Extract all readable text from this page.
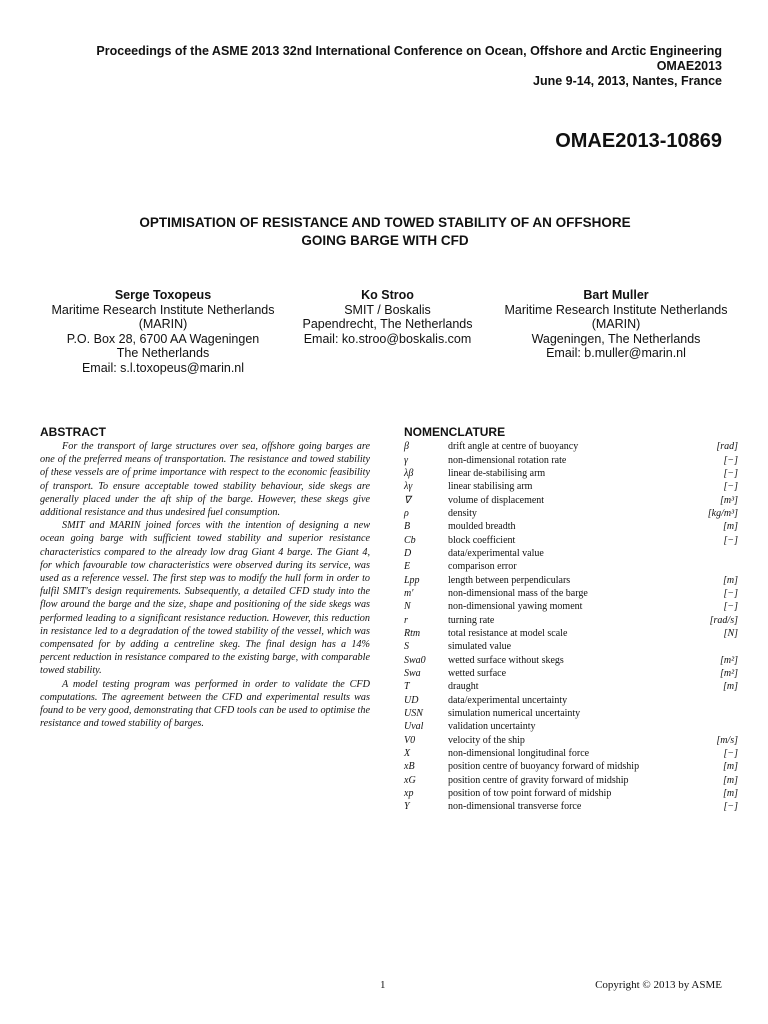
Proceedings of the ASME 2013 32nd International Conference on Ocean, Offshore and Arctic Engineering
OMAE2013
June 9-14, 2013, Nantes, France
OMAE2013-10869
OPTIMISATION OF RESISTANCE AND TOWED STABILITY OF AN OFFSHORE
GOING BARGE WITH CFD
Serge Toxopeus
Maritime Research Institute Netherlands
(MARIN)
P.O. Box 28, 6700 AA Wageningen
The Netherlands
Email: s.l.toxopeus@marin.nl
Ko Stroo
SMIT / Boskalis
Papendrecht, The Netherlands
Email: ko.stroo@boskalis.com
Bart Muller
Maritime Research Institute Netherlands
(MARIN)
Wageningen, The Netherlands
Email: b.muller@marin.nl
ABSTRACT

For the transport of large structures over sea, offshore going barges are one of the preferred means of transportation. The resistance and towed stability of these vessels are of prime importance with respect to the economic feasibility of transport. To ensure acceptable towed stability behaviour, side skegs are generally placed under the aft ship of the barge. However, these skegs give additional resistance and thus undesired fuel consumption.

SMIT and MARIN joined forces with the intention of designing a new ocean going barge with sufficient towed stability and superior resistance characteristics compared to the already low drag Giant 4 barge. The Giant 4, for which favourable tow characteristics were observed during its service, was used as a reference vessel. The first step was to modify the hull form in order to fulfil SMIT's design requirements. Subsequently, a detailed CFD study into the flow around the barge and the size, shape and positioning of the side skegs was performed leading to a significant resistance reduction. However, this reduction in resistance led to a degradation of the towed stability of the vessel, which was compensated for by adding a centreline skeg. The final design has a 14% percent reduction in resistance compared to the existing barge, with comparable towed stability.

A model testing program was performed in order to validate the CFD computations. The agreement between the CFD and experimental results was found to be very good, demonstrating that CFD tools can be used to optimise the resistance and towed stability of barges.

NOMENCLATURE
β	drift angle at centre of buoyancy	[rad]
γ	non-dimensional rotation rate	[−]
λβ	linear de-stabilising arm	[−]
λγ	linear stabilising arm	[−]
∇	volume of displacement	[m³]
ρ	density	[kg/m³]
B	moulded breadth	[m]
Cb	block coefficient	[−]
D	data/experimental value
E	comparison error
Lpp	length between perpendiculars	[m]
m′	non-dimensional mass of the barge	[−]
N	non-dimensional yawing moment	[−]
r	turning rate	[rad/s]
Rtm	total resistance at model scale	[N]
S	simulated value
Swa0	wetted surface without skegs	[m²]
Swa	wetted surface	[m²]
T	draught	[m]
UD	data/experimental uncertainty
USN	simulation numerical uncertainty
Uval	validation uncertainty
V0	velocity of the ship	[m/s]
X	non-dimensional longitudinal force	[−]
xB	position centre of buoyancy forward of midship	[m]
xG	position centre of gravity forward of midship	[m]
xp	position of tow point forward of midship	[m]
Y	non-dimensional transverse force	[−]
1	Copyright © 2013 by ASME
